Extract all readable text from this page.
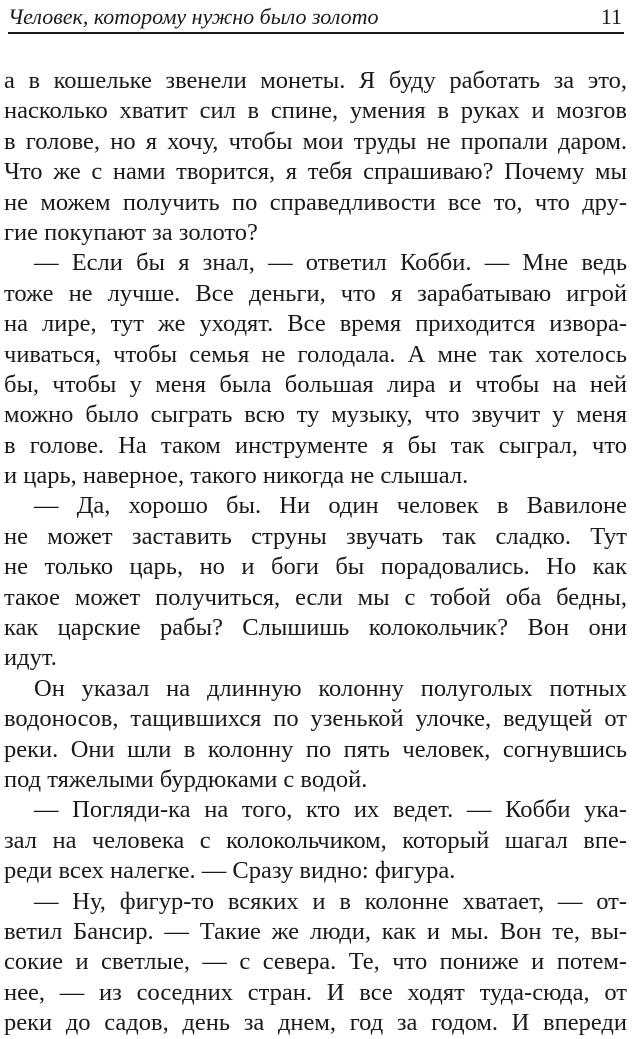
Человек, которому нужно было золото	11
а в кошельке звенели монеты. Я буду работать за это,
насколько хватит сил в спине, умения в руках и мозгов
в голове, но я хочу, чтобы мои труды не пропали даром.
Что же с нами творится, я тебя спрашиваю? Почему мы
не можем получить по справедливости все то, что дру-
гие покупают за золото?
— Если бы я знал, — ответил Кобби. — Мне ведь
тоже не лучше. Все деньги, что я зарабатываю игрой
на лире, тут же уходят. Все время приходится изворa-
чиваться, чтобы семья не голодала. А мне так хотелось
бы, чтобы у меня была большая лира и чтобы на ней
можно было сыграть всю ту музыку, что звучит у меня
в голове. На таком инструменте я бы так сыграл, что
и царь, наверное, такого никогда не слышал.
— Да, хорошо бы. Ни один человек в Вавилоне
не может заставить струны звучать так сладко. Тут
не только царь, но и боги бы порадовались. Но как
такое может получиться, если мы с тобой оба бедны,
как царские рабы? Слышишь колокольчик? Вон они
идут.
Он указал на длинную колонну полуголых потных
водоносов, тащившихся по узенькой улочке, ведущей от
реки. Они шли в колонну по пять человек, согнувшись
под тяжелыми бурдюками с водой.
— Погляди-ка на того, кто их ведет. — Кобби ука-
зал на человека с колокольчиком, который шагал впе-
реди всех налегке. — Сразу видно: фигура.
— Ну, фигур-то всяких и в колонне хватает, — от-
ветил Бансир. — Такие же люди, как и мы. Вон те, вы-
сокие и светлые, — с севера. Те, что пониже и потем-
нее, — из соседних стран. И все ходят туда-сюда, от
реки до садов, день за днем, год за годом. И впереди
